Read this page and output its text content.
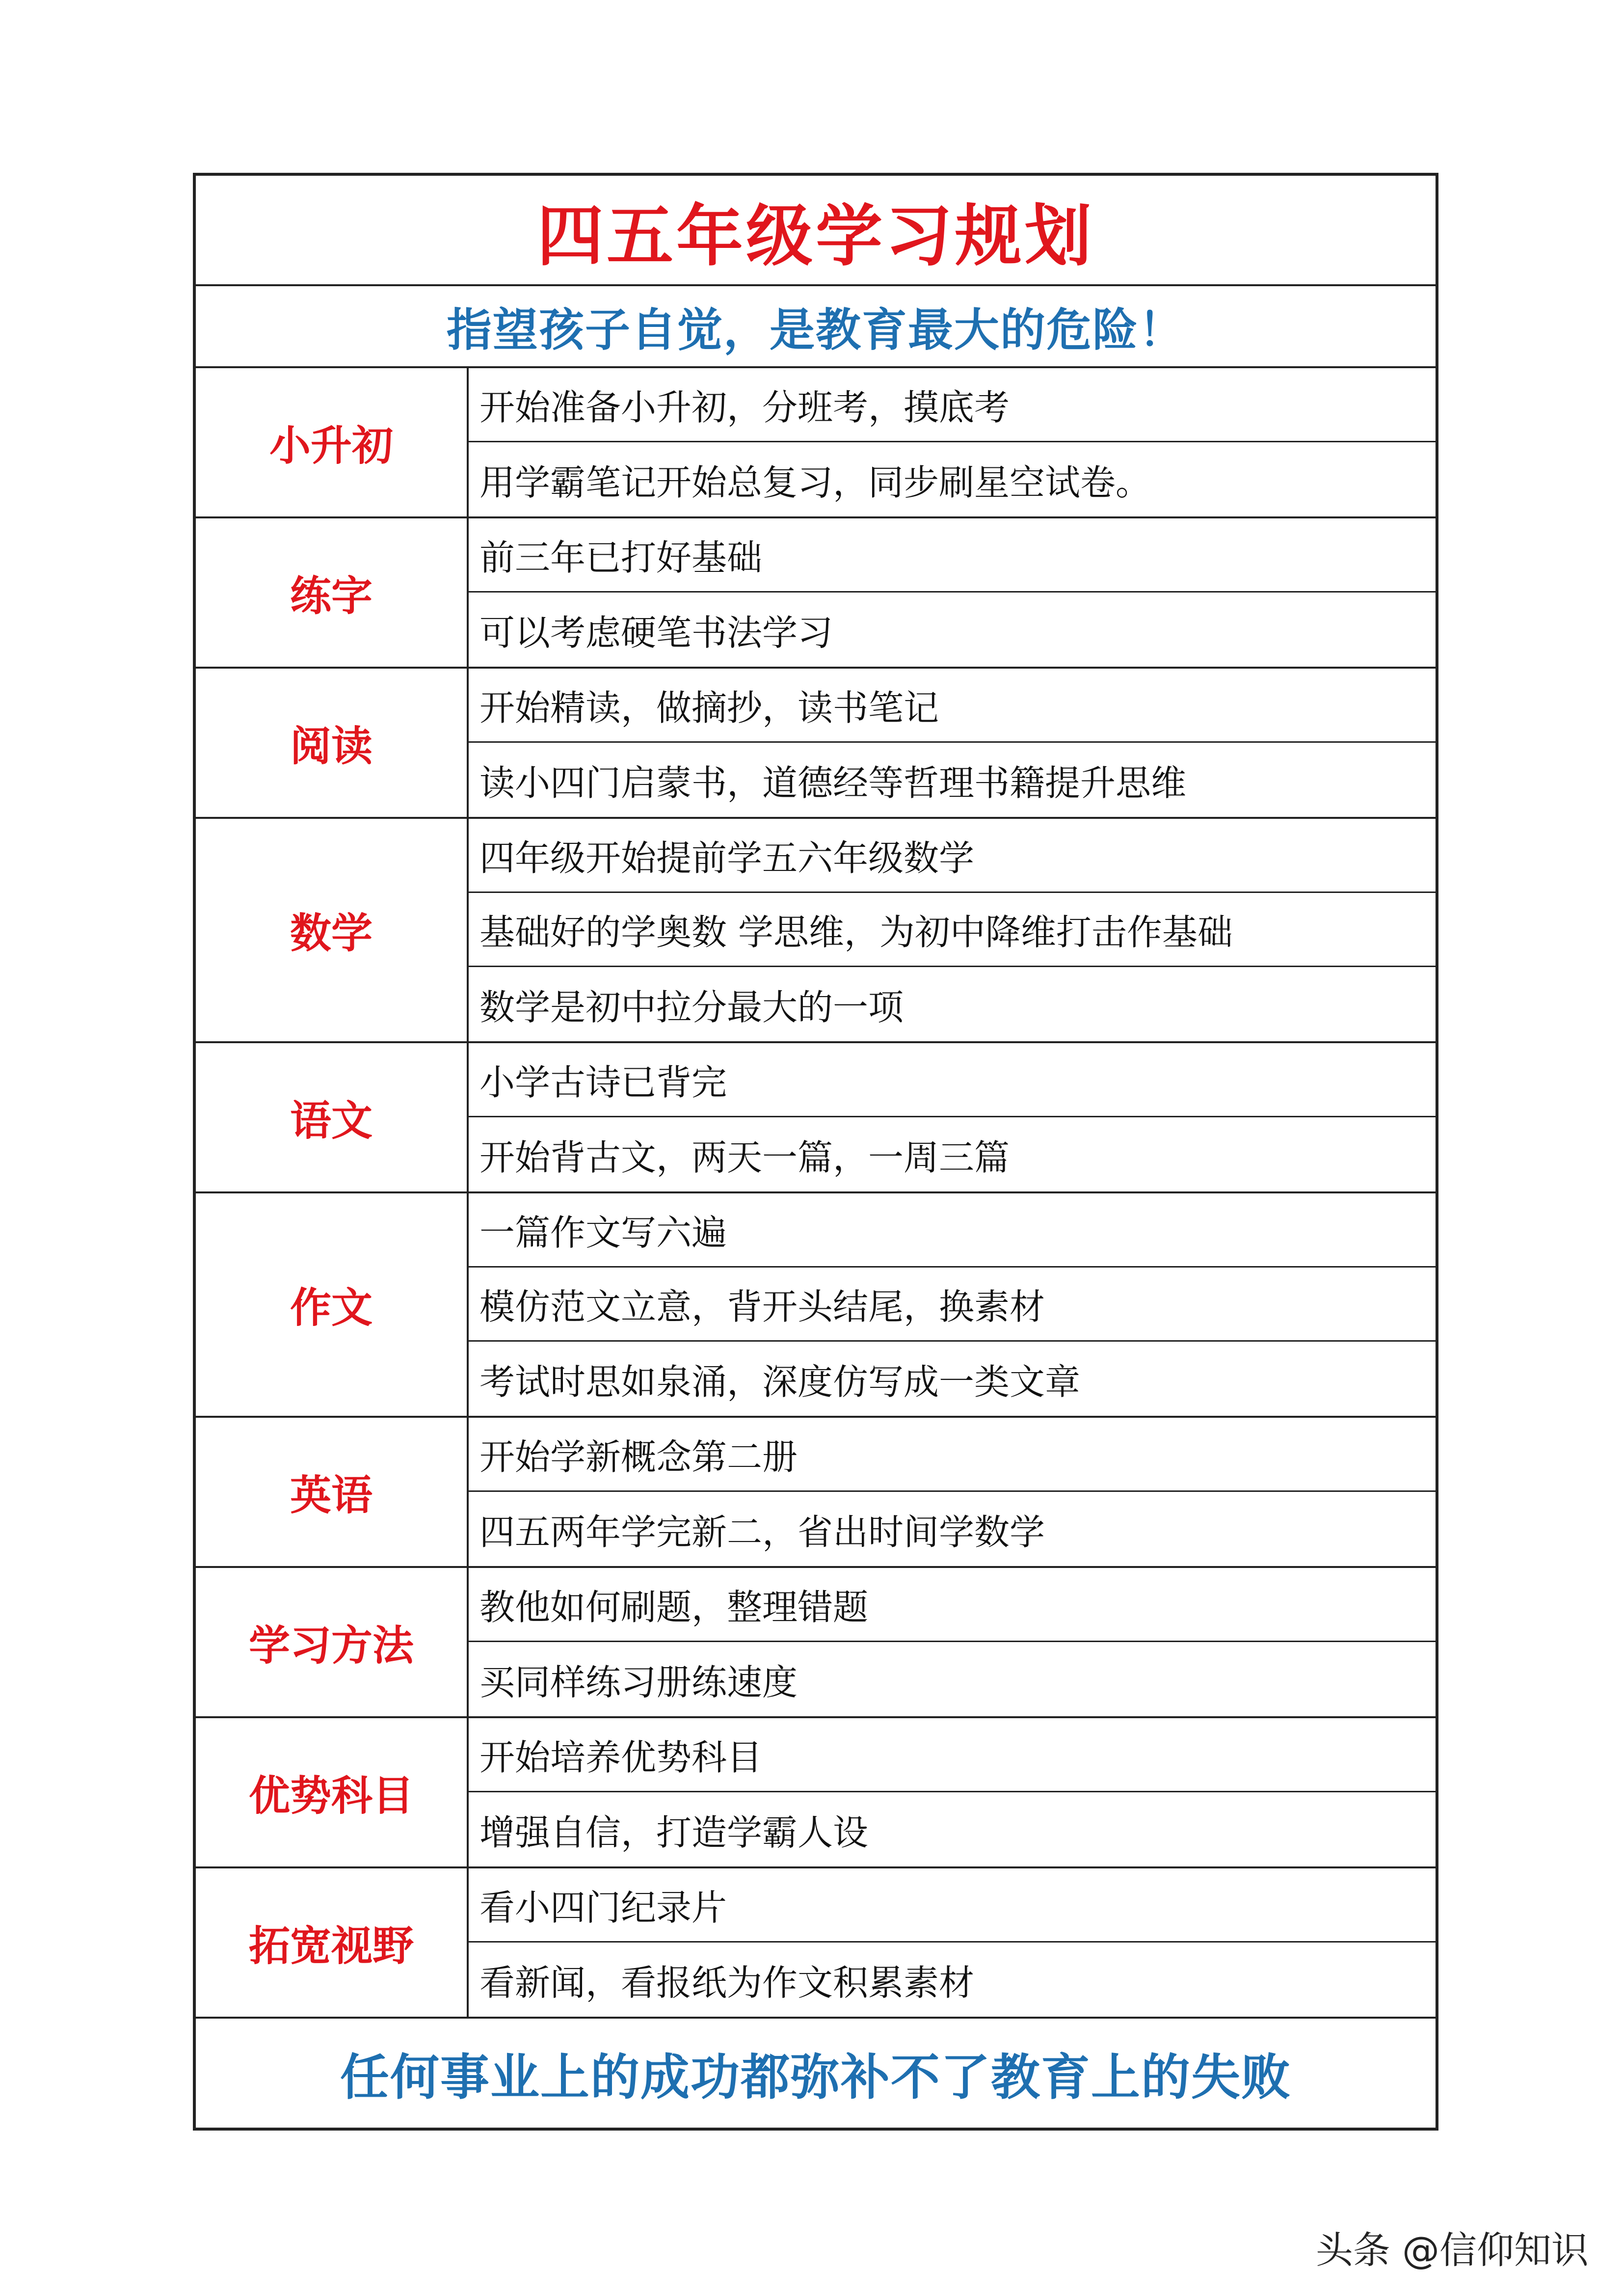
四五年级学习规划
指望孩子自觉，是教育最大的危险！
小升初
开始准备小升初，分班考，摸底考
用学霸笔记开始总复习，同步刷星空试卷。
练字
前三年已打好基础
可以考虑硬笔书法学习
阅读
开始精读，做摘抄，读书笔记
读小四门启蒙书，道德经等哲理书籍提升思维
数学
四年级开始提前学五六年级数学
基础好的学奥数 学思维，为初中降维打击作基础
数学是初中拉分最大的一项
语文
小学古诗已背完
开始背古文，两天一篇，一周三篇
作文
一篇作文写六遍
模仿范文立意，背开头结尾，换素材
考试时思如泉涌，深度仿写成一类文章
英语
开始学新概念第二册
四五两年学完新二，省出时间学数学
学习方法
教他如何刷题，整理错题
买同样练习册练速度
优势科目
开始培养优势科目
增强自信，打造学霸人设
拓宽视野
看小四门纪录片
看新闻，看报纸为作文积累素材
任何事业上的成功都弥补不了教育上的失败
头条 @信仰知识
